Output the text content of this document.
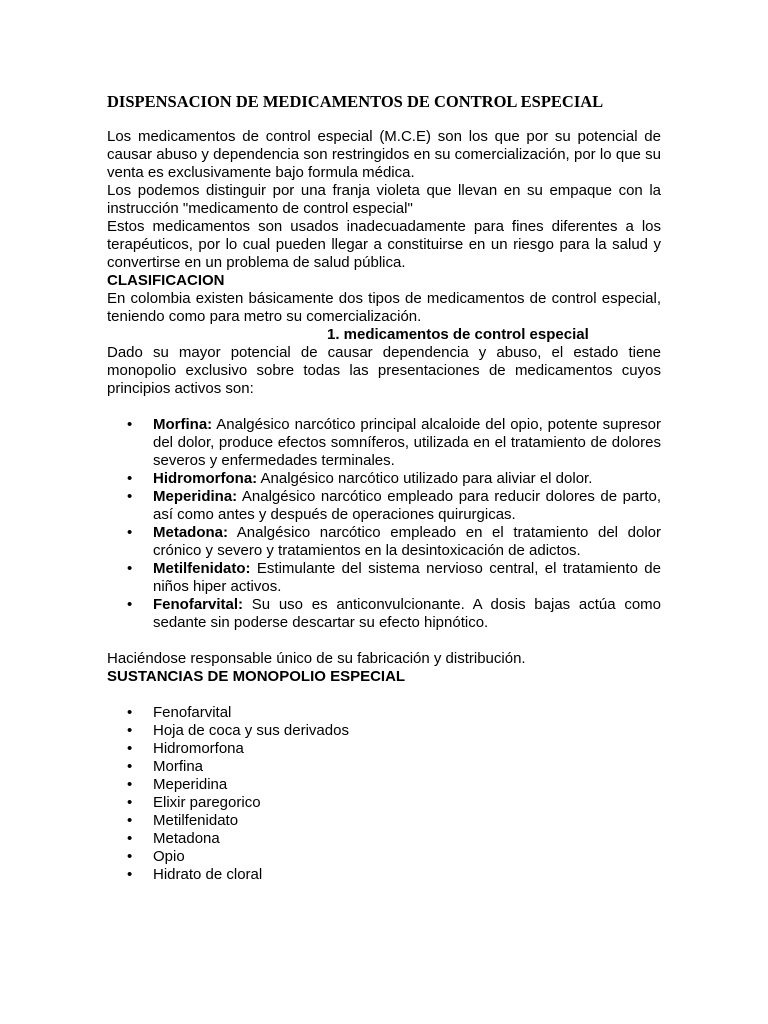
DISPENSACION DE MEDICAMENTOS DE CONTROL ESPECIAL

Los medicamentos de control especial (M.C.E) son los que por su potencial de causar abuso y dependencia son restringidos en su comercialización, por lo que su venta es exclusivamente bajo formula médica.

Los podemos distinguir por una franja violeta que llevan en su empaque con la instrucción "medicamento de control especial"

Estos medicamentos son usados inadecuadamente para fines diferentes a los terapéuticos, por lo cual pueden llegar a constituirse en un riesgo para la salud y convertirse en un problema de salud pública.

CLASIFICACION

En colombia existen básicamente dos tipos de medicamentos de control especial, teniendo como para metro su comercialización.

1. medicamentos de control especial

Dado su mayor potencial de causar dependencia y abuso, el estado tiene monopolio exclusivo sobre todas las presentaciones de medicamentos cuyos principios activos son:

• Morfina: Analgésico narcótico principal alcaloide del opio, potente supresor del dolor, produce efectos somníferos, utilizada en el tratamiento de dolores severos y enfermedades terminales.
• Hidromorfona: Analgésico narcótico utilizado para aliviar el dolor.
• Meperidina: Analgésico narcótico empleado para reducir dolores de parto, así como antes y después de operaciones quirurgicas.
• Metadona: Analgésico narcótico empleado en el tratamiento del dolor crónico y severo y tratamientos en la desintoxicación de adictos.
• Metilfenidato: Estimulante del sistema nervioso central, el tratamiento de niños hiper activos.
• Fenofarvital: Su uso es anticonvulcionante. A dosis bajas actúa como sedante sin poderse descartar su efecto hipnótico.

Haciéndose responsable único de su fabricación y distribución.

SUSTANCIAS DE MONOPOLIO ESPECIAL

• Fenofarvital
• Hoja de coca y sus derivados
• Hidromorfona
• Morfina
• Meperidina
• Elixir paregorico
• Metilfenidato
• Metadona
• Opio
• Hidrato de cloral
